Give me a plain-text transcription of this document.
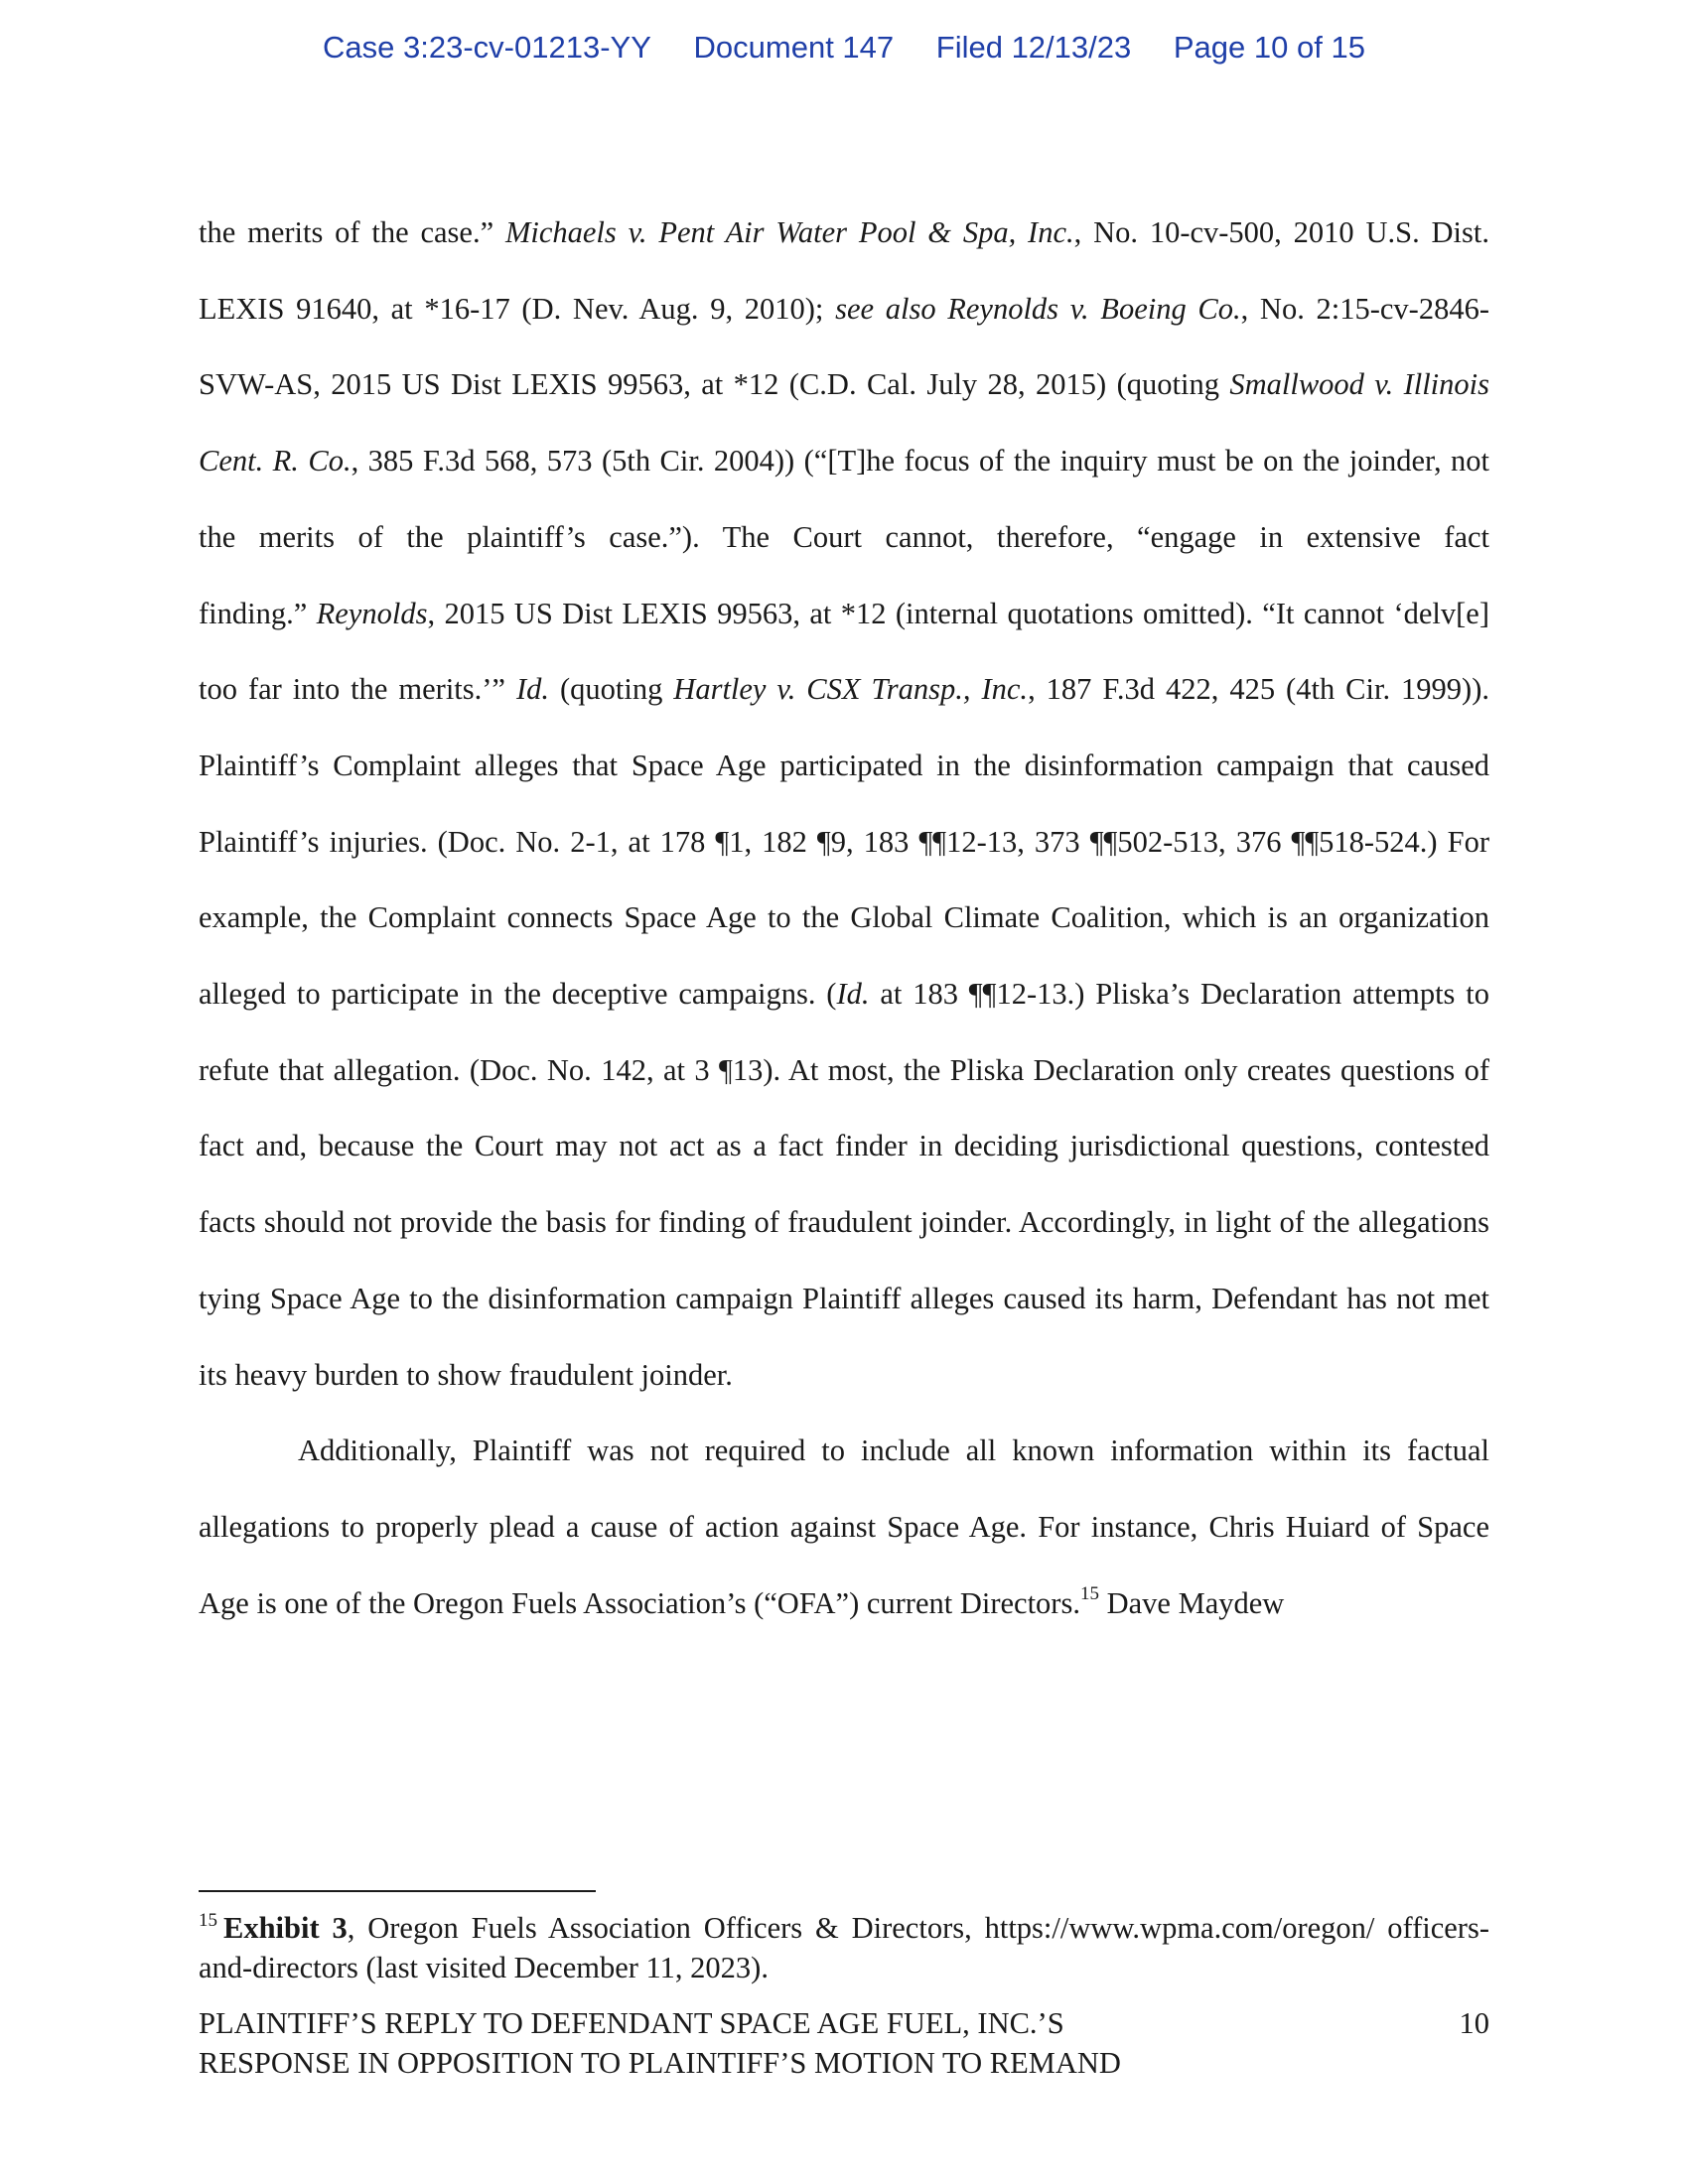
Case 3:23-cv-01213-YY Document 147 Filed 12/13/23 Page 10 of 15

the merits of the case.” Michaels v. Pent Air Water Pool & Spa, Inc., No. 10-cv-500, 2010 U.S. Dist. LEXIS 91640, at *16-17 (D. Nev. Aug. 9, 2010); see also Reynolds v. Boeing Co., No. 2:15-cv-2846-SVW-AS, 2015 US Dist LEXIS 99563, at *12 (C.D. Cal. July 28, 2015) (quoting Smallwood v. Illinois Cent. R. Co., 385 F.3d 568, 573 (5th Cir. 2004)) (“[T]he focus of the inquiry must be on the joinder, not the merits of the plaintiff’s case.”). The Court cannot, therefore, “engage in extensive fact finding.” Reynolds, 2015 US Dist LEXIS 99563, at *12 (internal quotations omitted). “It cannot ‘delv[e] too far into the merits.’” Id. (quoting Hartley v. CSX Transp., Inc., 187 F.3d 422, 425 (4th Cir. 1999)). Plaintiff’s Complaint alleges that Space Age participated in the disinformation campaign that caused Plaintiff’s injuries. (Doc. No. 2-1, at 178 ¶1, 182 ¶9, 183 ¶¶12-13, 373 ¶¶502-513, 376 ¶¶518-524.) For example, the Complaint connects Space Age to the Global Climate Coalition, which is an organization alleged to participate in the deceptive campaigns. (Id. at 183 ¶¶12-13.) Pliska’s Declaration attempts to refute that allegation. (Doc. No. 142, at 3 ¶13). At most, the Pliska Declaration only creates questions of fact and, because the Court may not act as a fact finder in deciding jurisdictional questions, contested facts should not provide the basis for finding of fraudulent joinder. Accordingly, in light of the allegations tying Space Age to the disinformation campaign Plaintiff alleges caused its harm, Defendant has not met its heavy burden to show fraudulent joinder.

Additionally, Plaintiff was not required to include all known information within its factual allegations to properly plead a cause of action against Space Age. For instance, Chris Huiard of Space Age is one of the Oregon Fuels Association’s (“OFA”) current Directors.$^{15}$ Dave Maydew

$^{15}$ Exhibit 3, Oregon Fuels Association Officers & Directors, https://www.wpma.com/oregon/ officers-and-directors (last visited December 11, 2023).
PLAINTIFF’S REPLY TO DEFENDANT SPACE AGE FUEL, INC.’S
RESPONSE IN OPPOSITION TO PLAINTIFF’S MOTION TO REMAND
10
